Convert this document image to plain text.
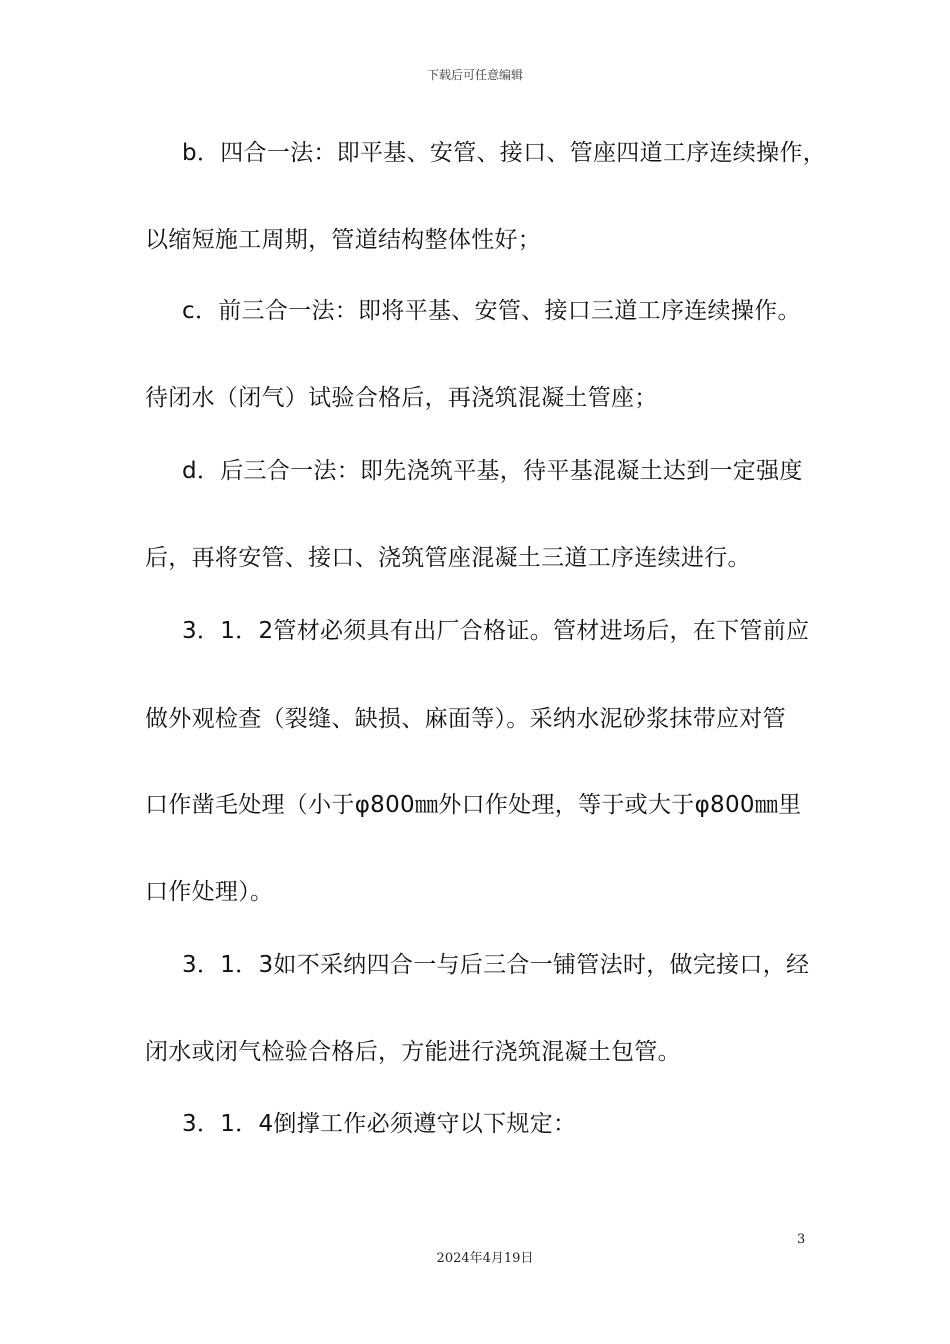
下载后可任意编辑
b．四合一法：即平基、安管、接口、管座四道工序连续操作，
以缩短施工周期，管道结构整体性好；
c．前三合一法：即将平基、安管、接口三道工序连续操作。
待闭水（闭气）试验合格后，再浇筑混凝土管座；
d．后三合一法：即先浇筑平基，待平基混凝土达到一定强度
后，再将安管、接口、浇筑管座混凝土三道工序连续进行。
3．1．2管材必须具有出厂合格证。管材进场后，在下管前应
做外观检查（裂缝、缺损、麻面等）。采纳水泥砂浆抹带应对管
口作凿毛处理（小于φ800㎜外口作处理，等于或大于φ800㎜里
口作处理）。
3．1．3如不采纳四合一与后三合一铺管法时，做完接口，经
闭水或闭气检验合格后，方能进行浇筑混凝土包管。
3．1．4倒撑工作必须遵守以下规定：
3
2024年4月19日
